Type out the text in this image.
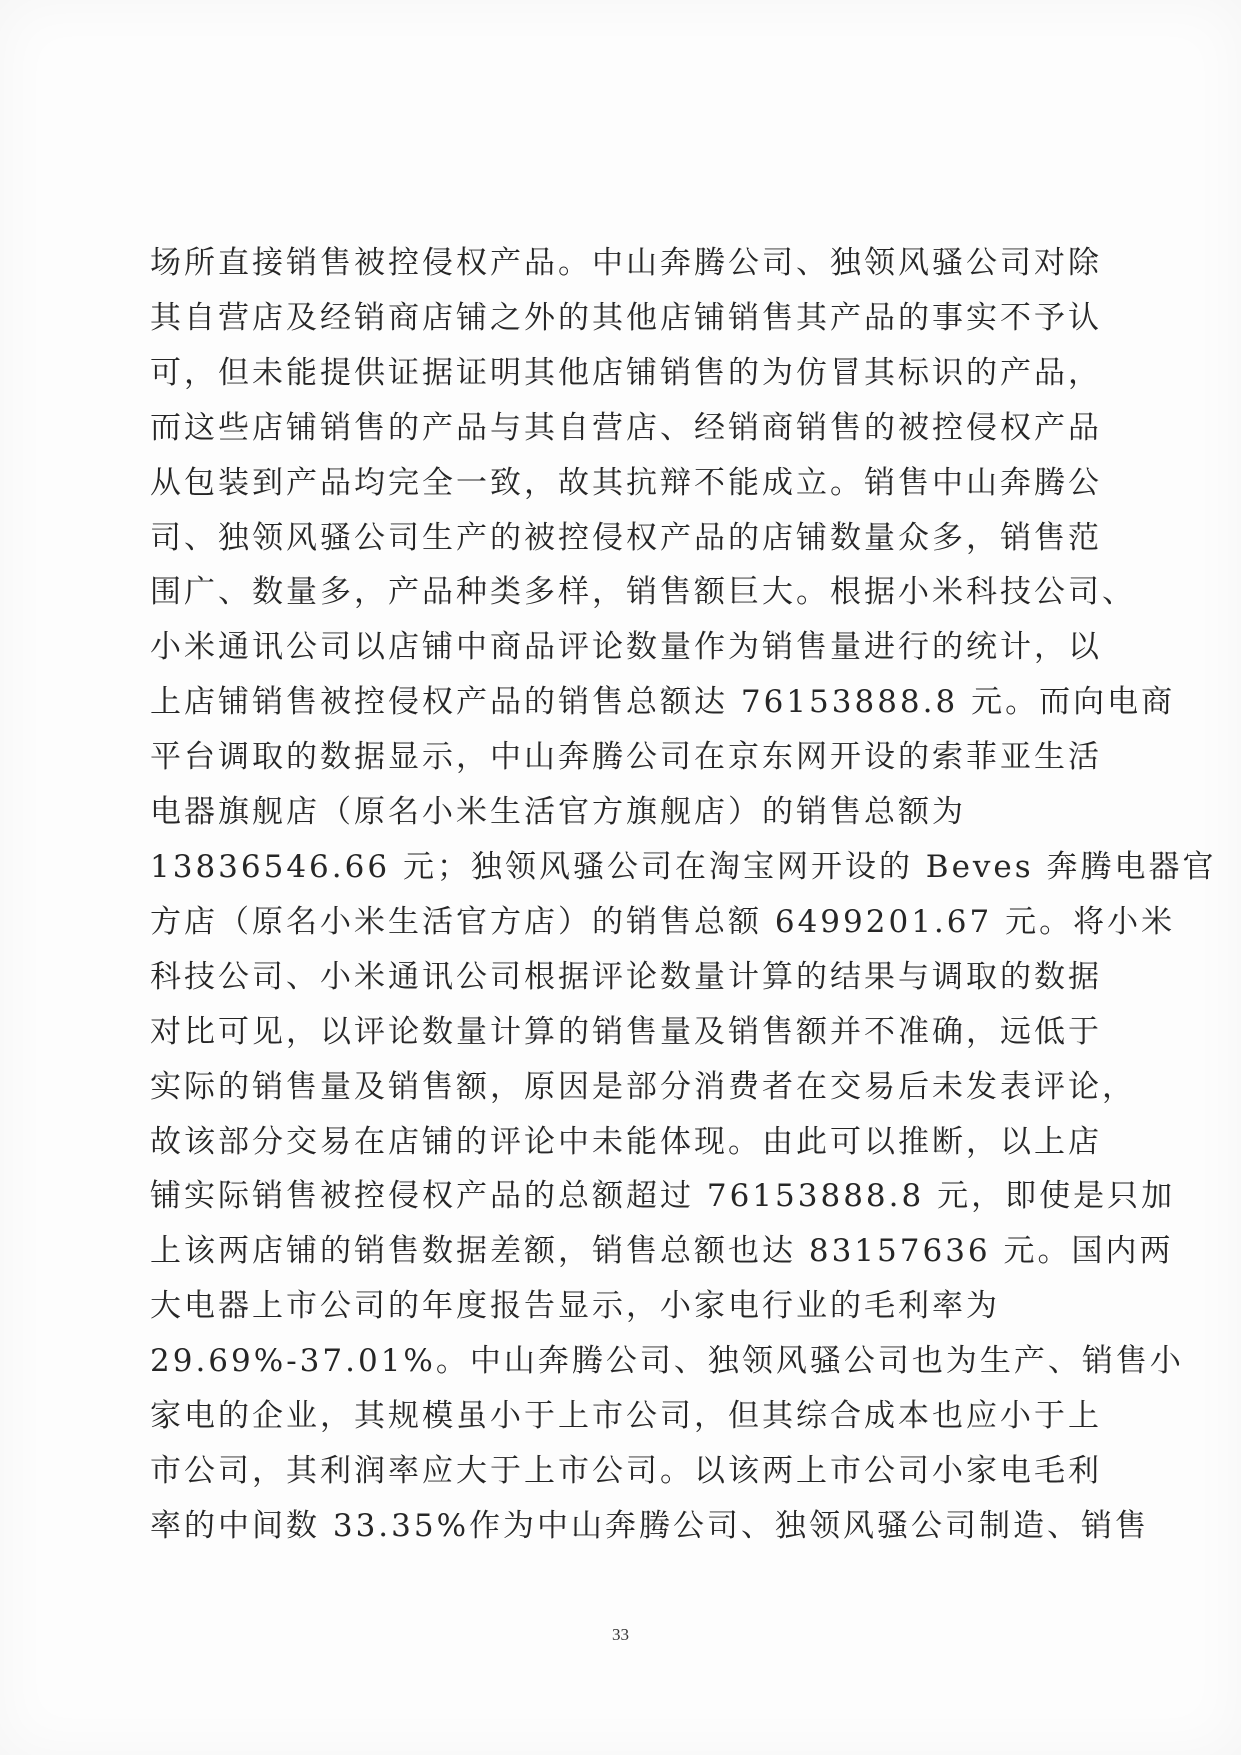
场所直接销售被控侵权产品。中山奔腾公司、独领风骚公司对除
其自营店及经销商店铺之外的其他店铺销售其产品的事实不予认
可，但未能提供证据证明其他店铺销售的为仿冒其标识的产品，
而这些店铺销售的产品与其自营店、经销商销售的被控侵权产品
从包装到产品均完全一致，故其抗辩不能成立。销售中山奔腾公
司、独领风骚公司生产的被控侵权产品的店铺数量众多，销售范
围广、数量多，产品种类多样，销售额巨大。根据小米科技公司、
小米通讯公司以店铺中商品评论数量作为销售量进行的统计，以
上店铺销售被控侵权产品的销售总额达 76153888.8 元。而向电商
平台调取的数据显示，中山奔腾公司在京东网开设的索菲亚生活
电器旗舰店（原名小米生活官方旗舰店）的销售总额为
13836546.66 元；独领风骚公司在淘宝网开设的 Beves 奔腾电器官
方店（原名小米生活官方店）的销售总额 6499201.67 元。将小米
科技公司、小米通讯公司根据评论数量计算的结果与调取的数据
对比可见，以评论数量计算的销售量及销售额并不准确，远低于
实际的销售量及销售额，原因是部分消费者在交易后未发表评论，
故该部分交易在店铺的评论中未能体现。由此可以推断，以上店
铺实际销售被控侵权产品的总额超过 76153888.8 元，即使是只加
上该两店铺的销售数据差额，销售总额也达 83157636 元。国内两
大电器上市公司的年度报告显示，小家电行业的毛利率为
29.69%-37.01%。中山奔腾公司、独领风骚公司也为生产、销售小
家电的企业，其规模虽小于上市公司，但其综合成本也应小于上
市公司，其利润率应大于上市公司。以该两上市公司小家电毛利
率的中间数 33.35%作为中山奔腾公司、独领风骚公司制造、销售

33
